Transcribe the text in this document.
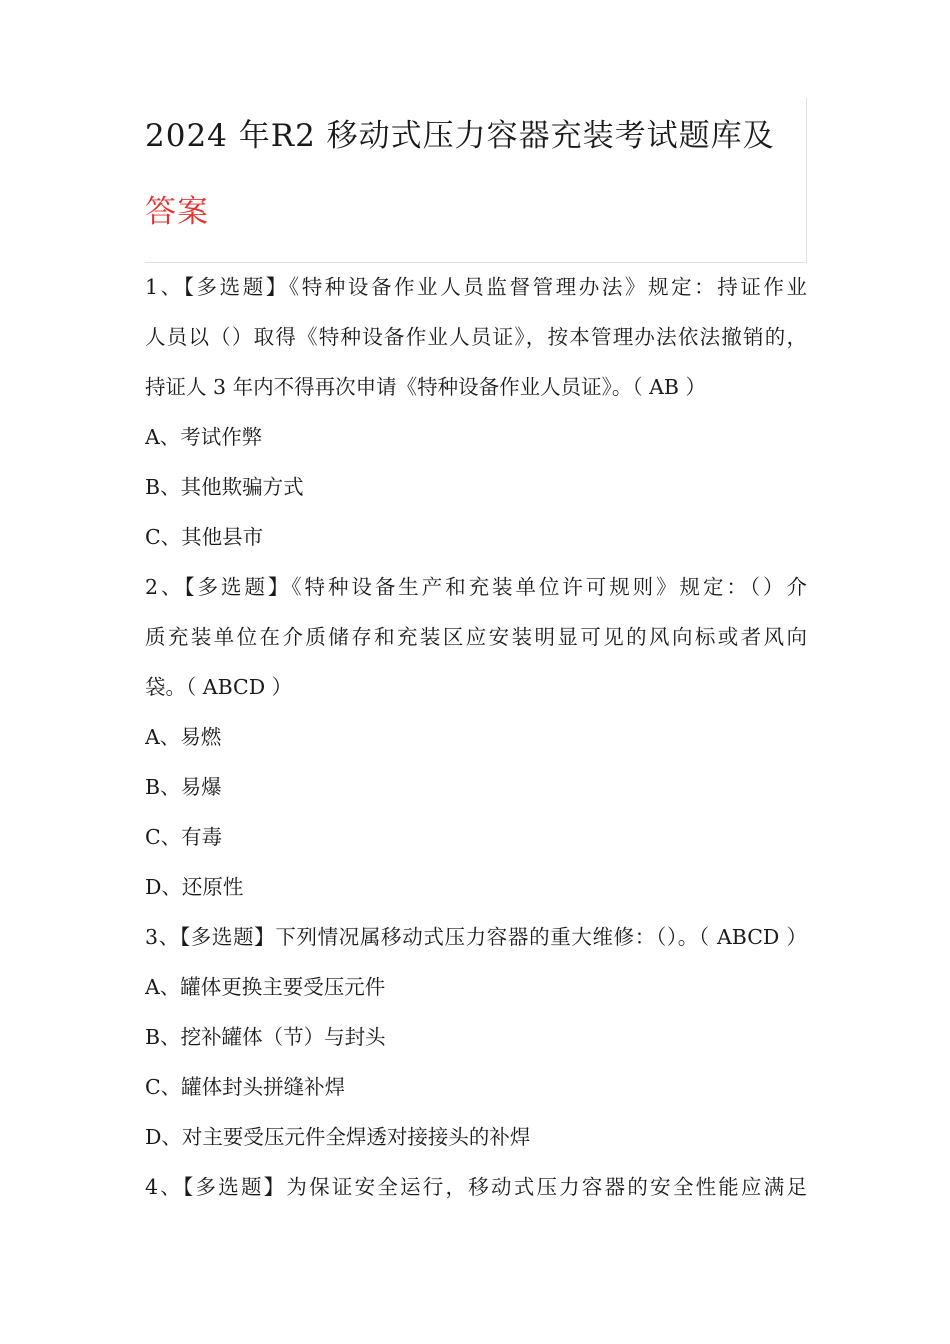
2024 年R2 移动式压力容器充装考试题库及
答案
1、【多选题】《特种设备作业人员监督管理办法》规定：持证作业
人员以（）取得《特种设备作业人员证》，按本管理办法依法撤销的，
持证人 3 年内不得再次申请《特种设备作业人员证》。（ AB ）
A、考试作弊
B、其他欺骗方式
C、其他县市
2、【多选题】《特种设备生产和充装单位许可规则》规定：（）介
质充装单位在介质储存和充装区应安装明显可见的风向标或者风向
袋。（ ABCD ）
A、易燃
B、易爆
C、有毒
D、还原性
3、【多选题】下列情况属移动式压力容器的重大维修：（）。（ ABCD ）
A、罐体更换主要受压元件
B、挖补罐体（节）与封头
C、罐体封头拼缝补焊
D、对主要受压元件全焊透对接接头的补焊
4、【多选题】为保证安全运行，移动式压力容器的安全性能应满足
